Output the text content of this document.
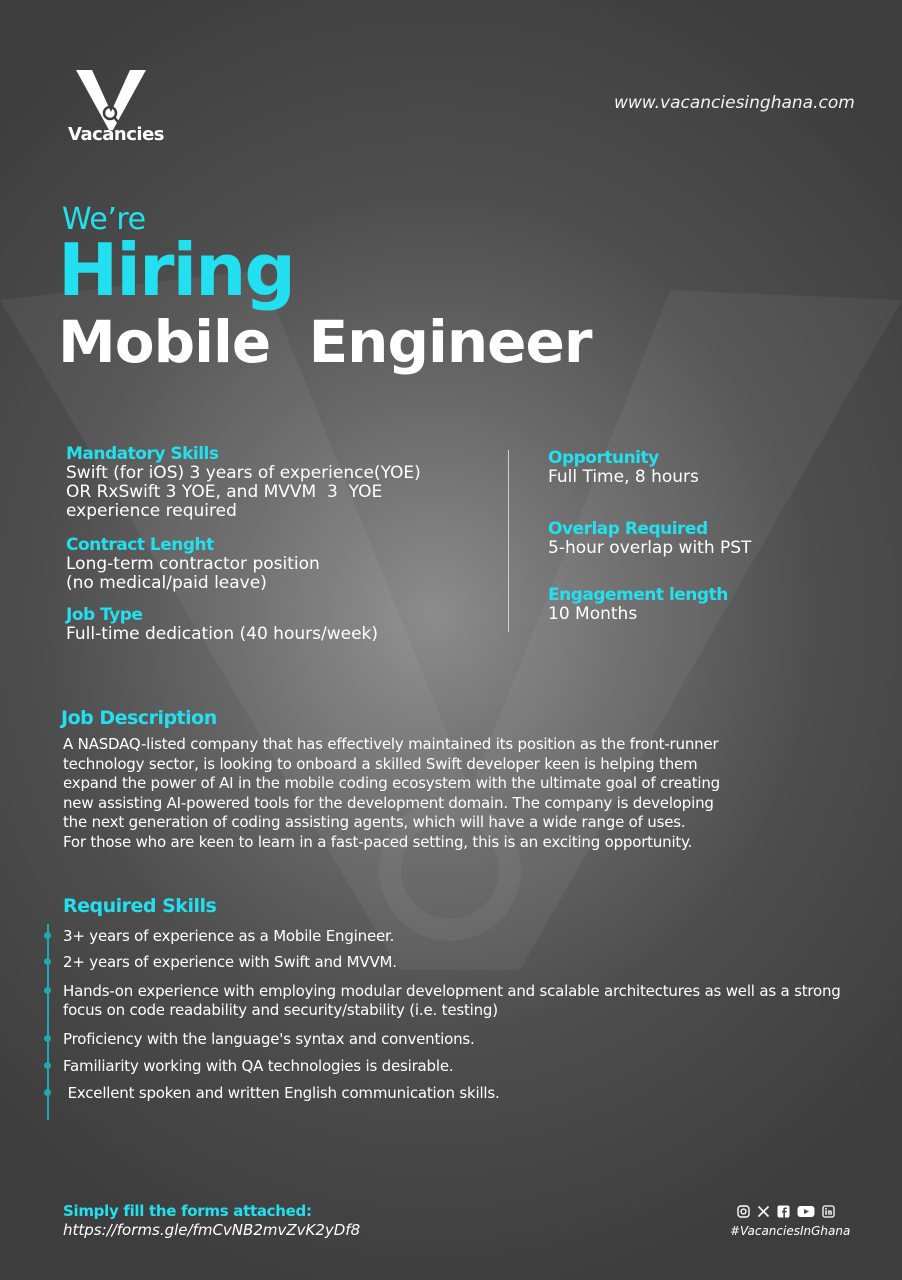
Vacancies
www.vacanciesinghana.com
We’re
Hiring
Mobile  Engineer
Mandatory Skills
Swift (for iOS) 3 years of experience(YOE)
OR RxSwift 3 YOE, and MVVM  3  YOE
experience required
Contract Lenght
Long-term contractor position
(no medical/paid leave)
Job Type
Full-time dedication (40 hours/week)
Opportunity
Full Time, 8 hours
Overlap Required
5-hour overlap with PST
Engagement length
10 Months
Job Description
A NASDAQ-listed company that has effectively maintained its position as the front-runner
technology sector, is looking to onboard a skilled Swift developer keen is helping them
expand the power of AI in the mobile coding ecosystem with the ultimate goal of creating
new assisting AI-powered tools for the development domain. The company is developing
the next generation of coding assisting agents, which will have a wide range of uses.
For those who are keen to learn in a fast-paced setting, this is an exciting opportunity.
Required Skills
3+ years of experience as a Mobile Engineer.
2+ years of experience with Swift and MVVM.
Hands-on experience with employing modular development and scalable architectures as well as a strong focus on code readability and security/stability (i.e. testing)
Proficiency with the language's syntax and conventions.
Familiarity working with QA technologies is desirable.
Excellent spoken and written English communication skills.
Simply fill the forms attached:
https://forms.gle/fmCvNB2mvZvK2yDf8	#VacanciesInGhana
